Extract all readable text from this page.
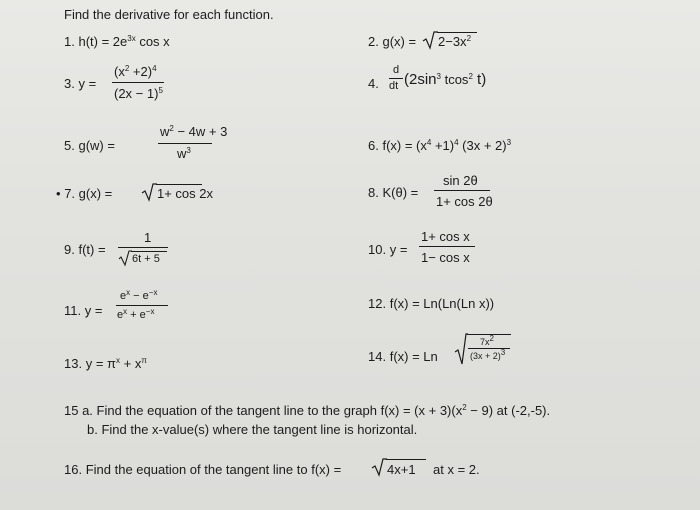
Find the derivative for each function.
1. $h(t) = 2e^{3x}$ cos x	2. $g(x) = 2-3x^2$
3. y =
$(x^2 +2)^4$
$(2x - 1)^5$	4.
d
dt ($2\sin^3$ tcos$^2$ t)
5. g(w) =
$w^2 - 4w + 3$
$w^3$	6. $f(x) = (x^4 +1)^4$ $(3x + 2)^3$
• 7. g(x) =	1+ cos 2x	8. K(θ) =
sin 2θ
1+ cos 2θ
9. f(t) =
1
6t + 5
10. y =
1+ cos x
1− cos x
11. y =
$e^x - e^{-x}$
$e^x + e^{-x}$
12. f(x) = Ln(Ln(Ln x))
13. $y = \pi^x + x^\pi$	14. f(x) = Ln
$7x^2$
$(3x + 2)^3$
15 a. Find the equation of the tangent line to the graph $f(x) = (x + 3)(x^2 - 9)$ at (-2,-5).
b. Find the x-value(s) where the tangent line is horizontal.
16. Find the equation of the tangent line to f(x) =	4x+1 at x = 2.
